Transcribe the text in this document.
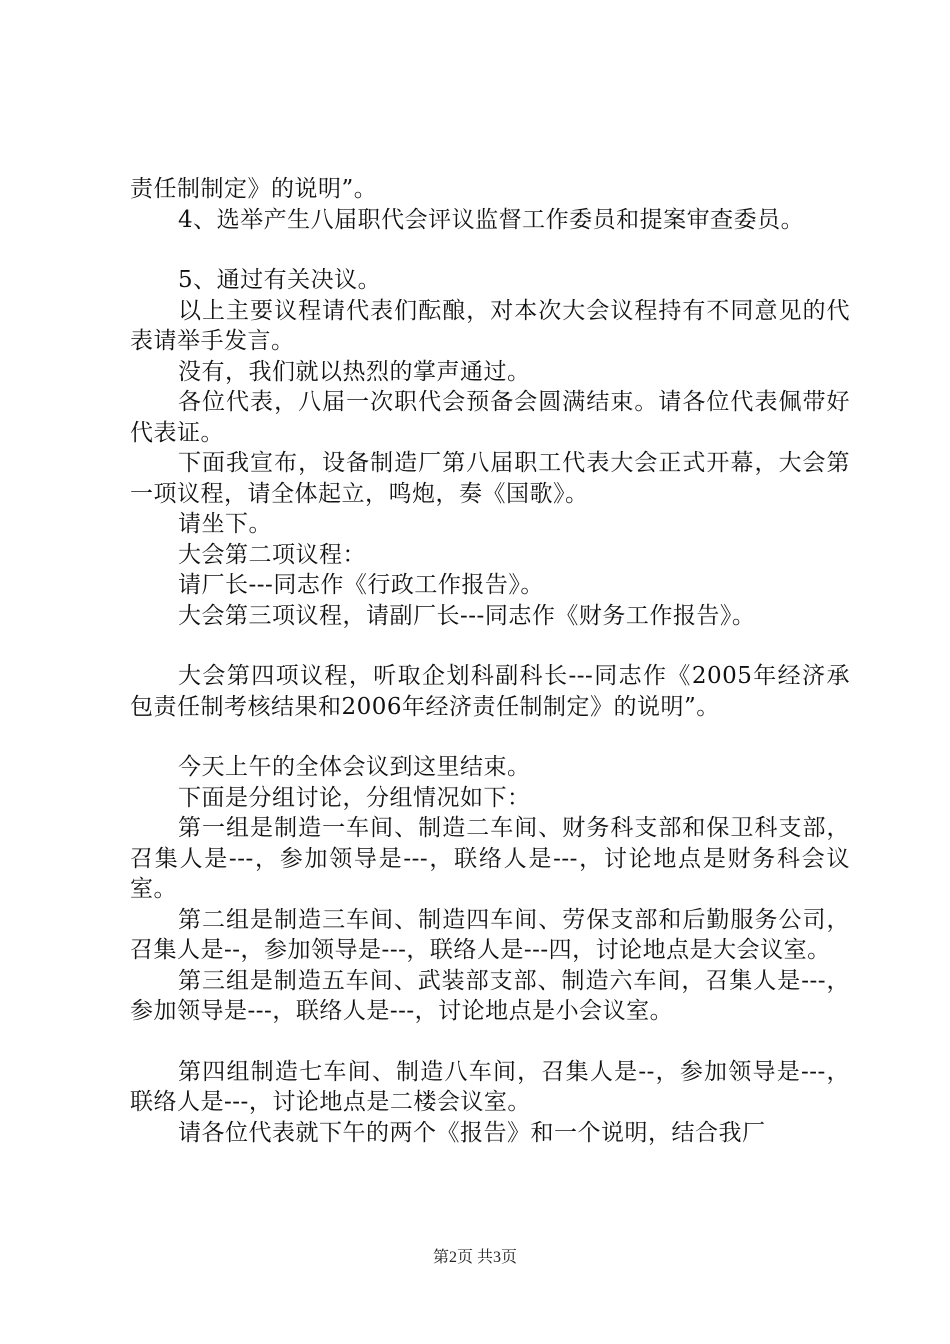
责任制制定》的说明”。

4、选举产生八届职代会评议监督工作委员和提案审查委员。

5、通过有关决议。

以上主要议程请代表们酝酿，对本次大会议程持有不同意见的代表请举手发言。

没有，我们就以热烈的掌声通过。

各位代表，八届一次职代会预备会圆满结束。请各位代表佩带好代表证。

下面我宣布，设备制造厂第八届职工代表大会正式开幕，大会第一项议程，请全体起立，鸣炮，奏《国歌》。

请坐下。

大会第二项议程：

请厂长---同志作《行政工作报告》。

大会第三项议程，请副厂长---同志作《财务工作报告》。

大会第四项议程，听取企划科副科长---同志作《2005年经济承包责任制考核结果和2006年经济责任制制定》的说明”。

今天上午的全体会议到这里结束。

下面是分组讨论，分组情况如下：

第一组是制造一车间、制造二车间、财务科支部和保卫科支部，召集人是---，参加领导是---，联络人是---，讨论地点是财务科会议室。

第二组是制造三车间、制造四车间、劳保支部和后勤服务公司，召集人是--，参加领导是---，联络人是---四，讨论地点是大会议室。

第三组是制造五车间、武装部支部、制造六车间，召集人是---，参加领导是---，联络人是---，讨论地点是小会议室。

第四组制造七车间、制造八车间，召集人是--，参加领导是---，联络人是---，讨论地点是二楼会议室。

请各位代表就下午的两个《报告》和一个说明，结合我厂

第2页 共3页
